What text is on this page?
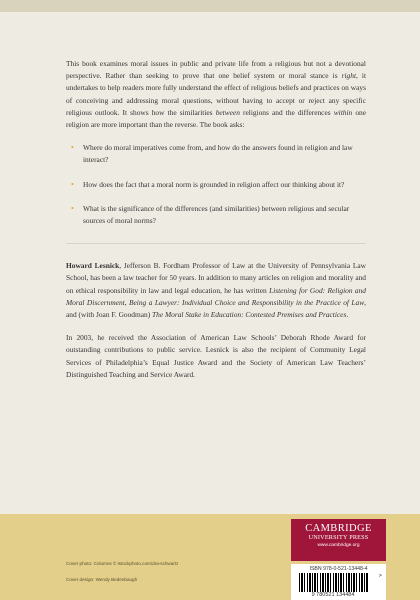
This book examines moral issues in public and private life from a religious but not a devotional perspective. Rather than seeking to prove that one belief system or moral stance is right, it undertakes to help readers more fully understand the effect of religious beliefs and practices on ways of conceiving and addressing moral questions, without having to accept or reject any specific religious outlook. It shows how the similarities between religions and the differences within one religion are more important than the reverse. The book asks:

• Where do moral imperatives come from, and how do the answers found in religion and law interact?
• How does the fact that a moral norm is grounded in religion affect our thinking about it?
• What is the significance of the differences (and similarities) between religious and secular sources of moral norms?

Howard Lesnick, Jefferson B. Fordham Professor of Law at the University of Pennsylvania Law School, has been a law teacher for 50 years. In addition to many articles on religion and morality and on ethical responsibility in law and legal education, he has written Listening for God: Religion and Moral Discernment, Being a Lawyer: Individual Choice and Responsibility in the Practice of Law, and (with Joan F. Goodman) The Moral Stake in Education: Contested Premises and Practices.

In 2003, he received the Association of American Law Schools’ Deborah Rhode Award for outstanding contributions to public service. Lesnick is also the recipient of Community Legal Services of Philadelphia’s Equal Justice Award and the Society of American Law Teachers’ Distinguished Teaching and Service Award.

Cover photo: Columns © istockphoto.com/dra-schwartz
Cover design: Wendy Bedenbaugh
CAMBRIDGE
UNIVERSITY PRESS
www.cambridge.org
ISBN 978-0-521-13448-4
>
9 780521 134484
